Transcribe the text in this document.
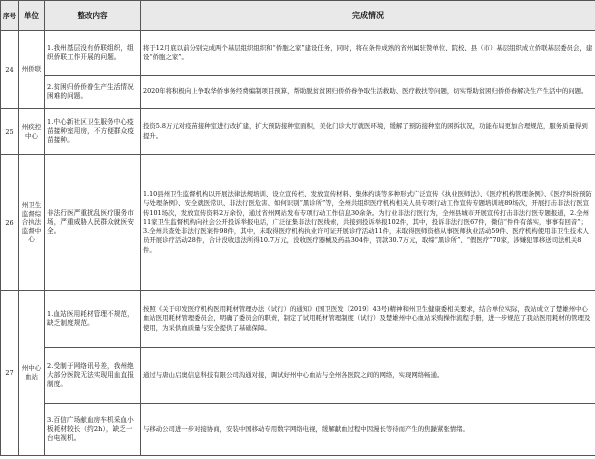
序号	单位	整改内容	完成情况
24	州侨联	1.我州基层没有侨联组织，组织侨联工作开展的问题。	将于12月底以前分别完成两个基层组织组织和“侨胞之家”建设任务，同时，将在条件成熟的省州属驻赞单位、院校、县（市）基层组织成立侨联基层委员会，建设“侨胞之家”。
		2.贫困归侨侨眷生产生活情况困难的问题。	2020年将积极向上争取华侨事务经费编制项目预算，帮助脱贫贫困归侨侨眷争取生活救助、医疗救扶等问题，切实帮助贫困归侨侨眷解决生产生活中的问题。
25	州疾控中心	1.中心新社区卫生服务中心疫苗接种室用房，不方便群众疫苗接种。	投资5.8万元对疫苗接种室进行改扩建，扩大预防接种室面积，美化门诊大厅就医环境，缓解了预防接种室的困拆状况，功能布局更加合理规范，服务质量得到提升。
26	州卫生监督综合执法监督中心	非法行医严重扰乱医疗服务市场，严重威胁人民群众就医安全。	1.10县州卫生监督机构以开展法律法规培训、设立宣传栏、发放宣传材料、集体约谈等多种形式广泛宣传《执业医师法》、《医疗机构管理条例》、《医疗纠纷预防与处理条例》、安全就医常识、非法行医危害、如何识别“黑诊所”等，全州共组织医疗机构相关人员专项行动工作宣传专题培训班89场次，开展打击非法行医宣传101场次，发放宣传资料2万余份，通过省州网站发布专项行动工作信息30余条。为行业非法行医行为，全州县城市开展宣传打击非法行医专题报道，2.全州11家卫生监督机构向社会公开投诉举报电话，广泛征集非法行医线索，共接到投诉举报102件，其中，投诉非法行医67件，微信“件件有落实，事事有回音”；3.全州共查处非法行医案件98件，其中，未取得医疗机构执业许可证开展诊疗活动11件，未取得医师资格从事医师执业活动59件、医疗机构使用非卫生技术人员开展诊疗活动28件，合计没收违法所得10.7万元，没收医疗器械及药品304件，罚款30.7万元，取缔“黑诊所”、“假医疗”70家，涉嫌犯罪移送司法机关8件。
27	州中心血站	1.血站医用耗材管理不规范，缺乏制度规范。	按照《关于印发医疗机构医用耗材管理办法（试行）的通知》(国卫医发〔2019〕43号)精神和州卫生健康委相关要求，结合单位实际，我站成立了楚雄州中心血站医用耗材管理委员会，明确了委员会的职责，制定了试用耗材管理制度（试行）及楚雄州中心血站采购操作流程手册，进一步规范了我站医用耗材的管理及使用，为采供血质量与安全提供了基础保障。
		2.受制于网络讯号差，我州绝大部分医院无法实现用血直报制度。	通过与唐山启奥信息科技有限公司沟通对接，调试好州中心血站与全州各医院之间的网络，实现网络畅通。
		3.百信广场献血房车机采血小板耗材较长（约2h），缺乏一台电视机。	与移动公司进一步对接协商，安装中国移动专用数字网络电视，缓解献血过程中因漫长等待而产生的焦躁紧张情绪。
